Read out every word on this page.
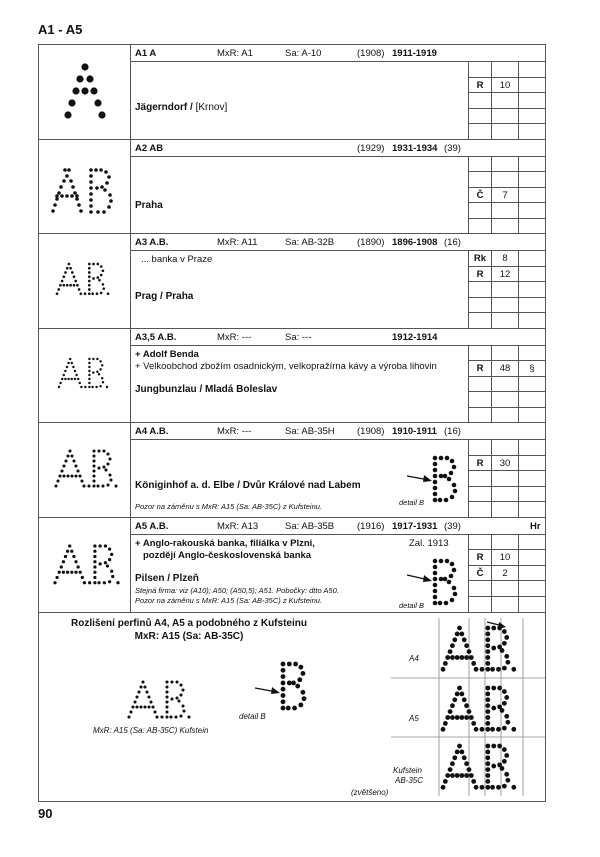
A1 - A5
A1 A	MxR: A1	Sa: A-10	(1908) 1911-1919
Jägerndorf / [Krnov]
R	10
A2 AB	(1929) 1931-1934 (39)
Praha
Č	7
A3 A.B.	MxR: A11	Sa: AB-32B (1890) 1896-1908 (16)
... banka v Praze
Prag / Praha
Rk	8
R	12
A3,5 A.B.	MxR: ---	Sa: ---	1912-1914
+ Adolf Benda
+ Velkoobchod zbožím osadnickým, velkopražírna kávy a výroba lihovin
Jungbunzlau / Mladá Boleslav
R	48	§
A4 A.B.	MxR: ---	Sa: AB-35H (1908) 1910-1911 (16)
Königinhof a. d. Elbe / Dvůr Králové nad Labem
Pozor na záměnu s MxR: A15 (Sa: AB-35C) z Kufsteinu.	detail B
R	30
A5 A.B.	MxR: A13	Sa: AB-35B (1916) 1917-1931 (39)	Hr
+ Anglo-rakouská banka, filiálka v Plzni,
pozdějí Anglo-československá banka
Zal. 1913
Pilsen / Plzeň
Stejná firma: viz (A10); A50; (A50,5); A51. Pobočky: dtto A50.
Pozor na záměnu s MxR: A15 (Sa: AB-35C) z Kufsteinu.
detail B
R	10
Č	2
Rozlišení perfinů A4, A5 a podobného z Kufsteinu
MxR: A15 (Sa: AB-35C)
MxR: A15 (Sa: AB-35C) Kufstein
detail B
A4
A5
Kufstein
AB-35C
(zvětšeno)
90
